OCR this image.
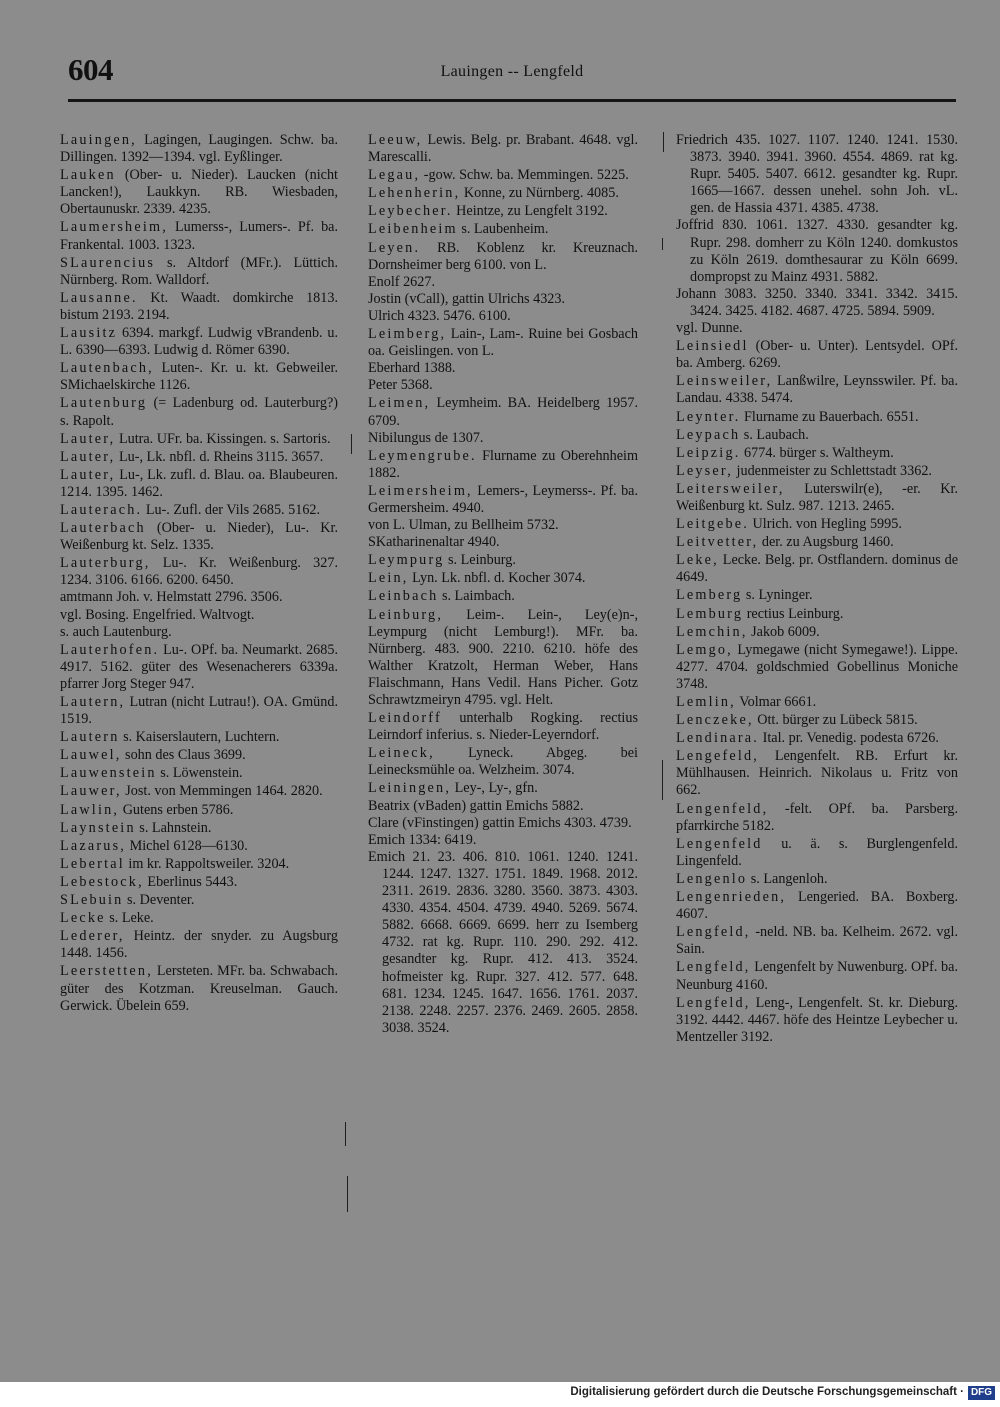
604	Lauingen -- Lengfeld
Lauingen, Lagingen, Laugingen. Schw. ba. Dillingen. 1392—1394. vgl. Eyßlinger.
Lauken (Ober- u. Nieder). Laucken (nicht Lancken!), Laukkyn. RB. Wiesbaden, Obertaunuskr. 2339. 4235.
Laumersheim, Lumerss-, Lumers-. Pf. ba. Frankental. 1003. 1323.
SLaurencius s. Altdorf (MFr.). Lüttich. Nürnberg. Rom. Walldorf.
Lausanne. Kt. Waadt. domkirche 1813. bistum 2193. 2194.
Lausitz 6394. markgf. Ludwig vBrandenb. u. L. 6390—6393. Ludwig d. Römer 6390.
Lautenbach, Luten-. Kr. u. kt. Gebweiler. SMichaelskirche 1126.
Lautenburg (= Ladenburg od. Lauterburg?) s. Rapolt.
Lauter, Lutra. UFr. ba. Kissingen. s. Sartoris.
Lauter, Lu-, Lk. nbfl. d. Rheins 3115. 3657.
Lauter, Lu-, Lk. zufl. d. Blau. oa. Blaubeuren. 1214. 1395. 1462.
Lauterach. Lu-. Zufl. der Vils 2685. 5162.
Lauterbach (Ober- u. Nieder), Lu-. Kr. Weißenburg kt. Selz. 1335.
Lauterburg, Lu-. Kr. Weißenburg. 327. 1234. 3106. 6166. 6200. 6450.
amtmann Joh. v. Helmstatt 2796. 3506.
vgl. Bosing. Engelfried. Waltvogt.
s. auch Lautenburg.
Lauterhofen. Lu-. OPf. ba. Neumarkt. 2685. 4917. 5162. güter des Wesenacherers 6339a. pfarrer Jorg Steger 947.
Lautern, Lutran (nicht Lutrau!). OA. Gmünd. 1519.
Lautern s. Kaiserslautern, Luchtern.
Lauwel, sohn des Claus 3699.
Lauwenstein s. Löwenstein.
Lauwer, Jost. von Memmingen 1464. 2820.
Lawlin, Gutens erben 5786.
Laynstein s. Lahnstein.
Lazarus, Michel 6128—6130.
Lebertal im kr. Rappoltsweiler. 3204.
Lebestock, Eberlinus 5443.
SLebuin s. Deventer.
Lecke s. Leke.
Lederer, Heintz. der snyder. zu Augsburg 1448. 1456.
Leerstetten, Lersteten. MFr. ba. Schwabach. güter des Kotzman. Kreuselman. Gauch. Gerwick. Übelein 659.
Leeuw, Lewis. Belg. pr. Brabant. 4648. vgl. Marescalli.
Legau, -gow. Schw. ba. Memmingen. 5225.
Lehenherin, Konne, zu Nürnberg. 4085.
Leybecher. Heintze, zu Lengfelt 3192.
Leibenheim s. Laubenheim.
Leyen. RB. Koblenz kr. Kreuznach. Dornsheimer berg 6100. von L.
Enolf 2627.
Jostin (vCall), gattin Ulrichs 4323.
Ulrich 4323. 5476. 6100.
Leimberg, Lain-, Lam-. Ruine bei Gosbach oa. Geislingen. von L.
Eberhard 1388.
Peter 5368.
Leimen, Leymheim. BA. Heidelberg 1957. 6709.
Nibilungus de 1307.
Leymengrube. Flurname zu Oberehnheim 1882.
Leimersheim, Lemers-, Leymerss-. Pf. ba. Germersheim. 4940.
von L. Ulman, zu Bellheim 5732.
SKatharinenaltar 4940.
Leympurg s. Leinburg.
Lein, Lyn. Lk. nbfl. d. Kocher 3074.
Leinbach s. Laimbach.
Leinburg, Leim-. Lein-, Ley(e)n-, Leympurg (nicht Lemburg!). MFr. ba. Nürnberg. 483. 900. 2210. 6210. höfe des Walther Kratzolt, Herman Weber, Hans Flaischmann, Hans Vedil. Hans Picher. Gotz Schrawtzmeiryn 4795. vgl. Helt.
Leindorff unterhalb Rogking. rectius Leirndorf inferius. s. Nieder-Leyerndorf.
Leineck, Lyneck. Abgeg. bei Leinecksmühle oa. Welzheim. 3074.
Leiningen, Ley-, Ly-, gfn.
Beatrix (vBaden) gattin Emichs 5882.
Clare (vFinstingen) gattin Emichs 4303. 4739.
Emich 1334: 6419.
Emich 21. 23. 406. 810. 1061. 1240. 1241. 1244. 1247. 1327. 1751. 1849. 1968. 2012. 2311. 2619. 2836. 3280. 3560. 3873. 4303. 4330. 4354. 4504. 4739. 4940. 5269. 5674. 5882. 6668. 6669. 6699. herr zu Isemberg 4732. rat kg. Rupr. 110. 290. 292. 412. gesandter kg. Rupr. 412. 413. 3524. hofmeister kg. Rupr. 327. 412. 577. 648. 681. 1234. 1245. 1647. 1656. 1761. 2037. 2138. 2248. 2257. 2376. 2469. 2605. 2858. 3038. 3524.
Friedrich 435. 1027. 1107. 1240. 1241. 1530. 3873. 3940. 3941. 3960. 4554. 4869. rat kg. Rupr. 5405. 5407. 6612. gesandter kg. Rupr. 1665—1667. dessen unehel. sohn Joh. vL. gen. de Hassia 4371. 4385. 4738.
Joffrid 830. 1061. 1327. 4330. gesandter kg. Rupr. 298. domherr zu Köln 1240. domkustos zu Köln 2619. domthesaurar zu Köln 6699. dompropst zu Mainz 4931. 5882.
Johann 3083. 3250. 3340. 3341. 3342. 3415. 3424. 3425. 4182. 4687. 4725. 5894. 5909.
vgl. Dunne.
Leinsiedl (Ober- u. Unter). Lentsydel. OPf. ba. Amberg. 6269.
Leinsweiler, Lanßwilre, Leynsswiler. Pf. ba. Landau. 4338. 5474.
Leynter. Flurname zu Bauerbach. 6551.
Leypach s. Laubach.
Leipzig. 6774. bürger s. Waltheym.
Leyser, judenmeister zu Schlettstadt 3362.
Leitersweiler, Luterswilr(e), -er. Kr. Weißenburg kt. Sulz. 987. 1213. 2465.
Leitgebe. Ulrich. von Hegling 5995.
Leitvetter, der. zu Augsburg 1460.
Leke, Lecke. Belg. pr. Ostflandern. dominus de 4649.
Lemberg s. Lyninger.
Lemburg rectius Leinburg.
Lemchin, Jakob 6009.
Lemgo, Lymegawe (nicht Symegawe!). Lippe. 4277. 4704. goldschmied Gobellinus Moniche 3748.
Lemlin, Volmar 6661.
Lenczeke, Ott. bürger zu Lübeck 5815.
Lendinara. Ital. pr. Venedig. podesta 6726.
Lengefeld, Lengenfelt. RB. Erfurt kr. Mühlhausen. Heinrich. Nikolaus u. Fritz von 662.
Lengenfeld, -felt. OPf. ba. Parsberg. pfarrkirche 5182.
Lengenfeld u. ä. s. Burglengenfeld. Lingenfeld.
Lengenlo s. Langenloh.
Lengenrieden, Lengeried. BA. Boxberg. 4607.
Lengfeld, -neld. NB. ba. Kelheim. 2672. vgl. Sain.
Lengfeld, Lengenfelt by Nuwenburg. OPf. ba. Neunburg 4160.
Lengfeld, Leng-, Lengenfelt. St. kr. Dieburg. 3192. 4442. 4467. höfe des Heintze Leybecher u. Mentzeller 3192.
Digitalisierung gefördert durch die Deutsche Forschungsgemeinschaft · DFG
